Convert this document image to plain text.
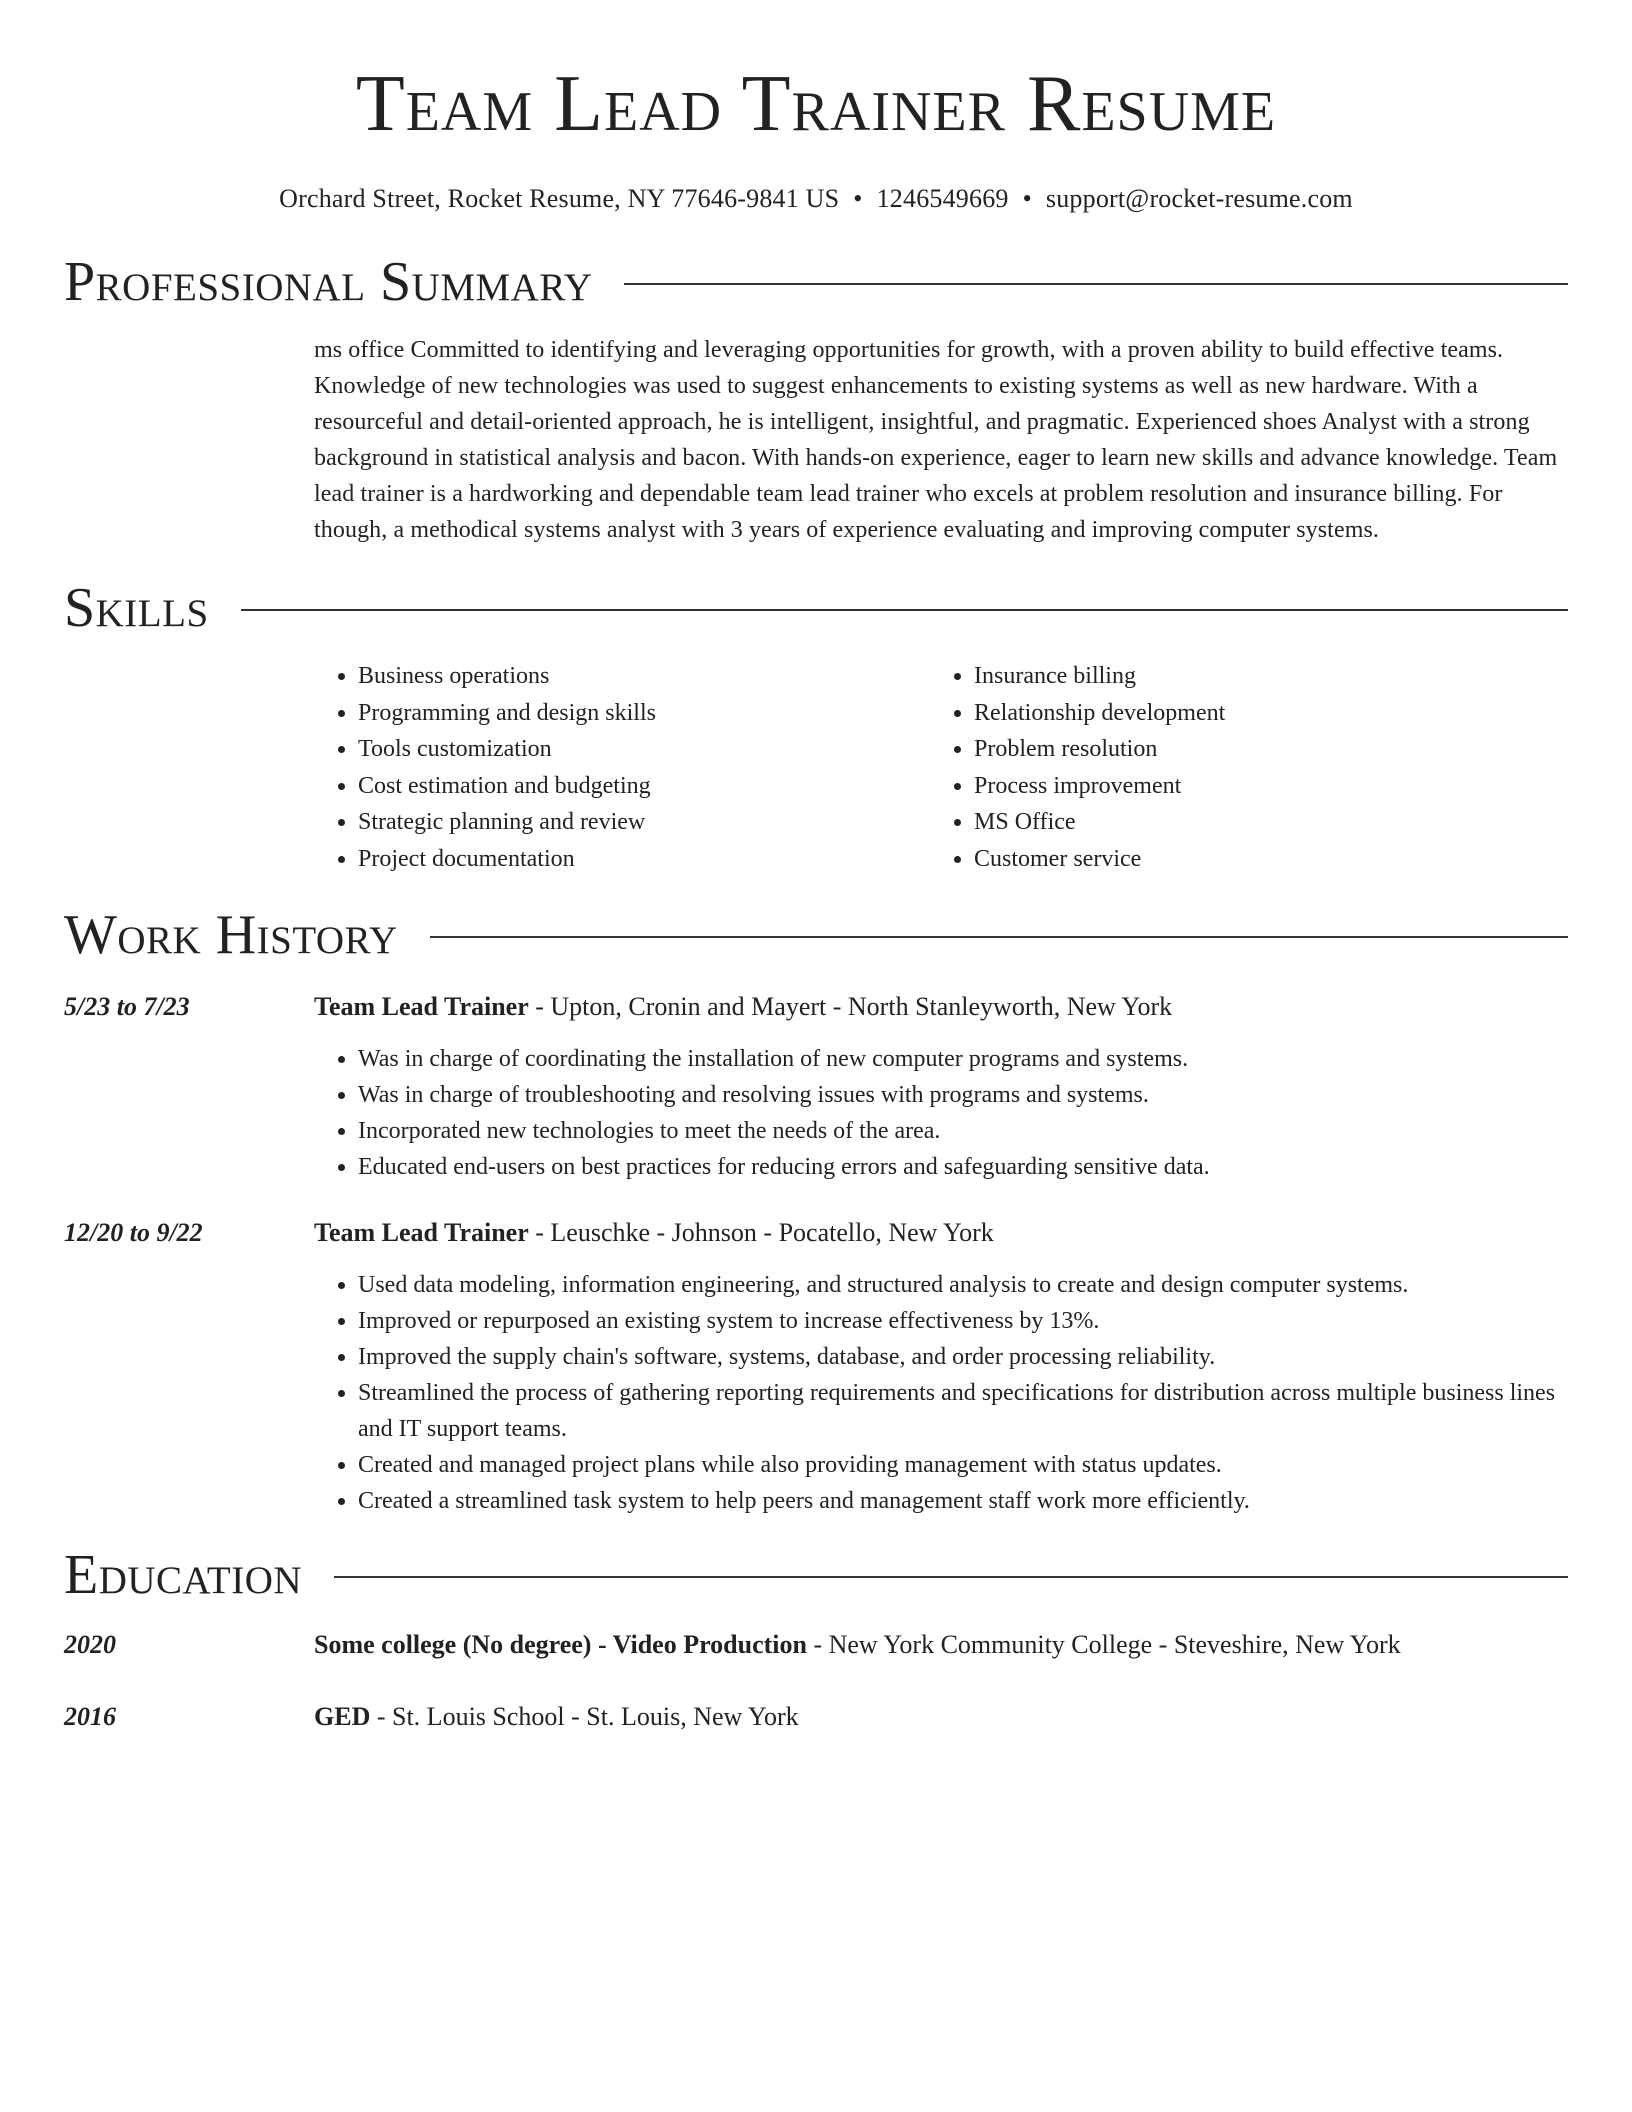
Team Lead Trainer Resume
Orchard Street, Rocket Resume, NY 77646-9841 US • 1246549669 • support@rocket-resume.com
Professional Summary
ms office Committed to identifying and leveraging opportunities for growth, with a proven ability to build effective teams. Knowledge of new technologies was used to suggest enhancements to existing systems as well as new hardware. With a resourceful and detail-oriented approach, he is intelligent, insightful, and pragmatic. Experienced shoes Analyst with a strong background in statistical analysis and bacon. With hands-on experience, eager to learn new skills and advance knowledge. Team lead trainer is a hardworking and dependable team lead trainer who excels at problem resolution and insurance billing. For though, a methodical systems analyst with 3 years of experience evaluating and improving computer systems.
Skills
• Business operations
• Programming and design skills
• Tools customization
• Cost estimation and budgeting
• Strategic planning and review
• Project documentation
• Insurance billing
• Relationship development
• Problem resolution
• Process improvement
• MS Office
• Customer service
Work History
5/23 to 7/23	Team Lead Trainer - Upton, Cronin and Mayert - North Stanleyworth, New York
• Was in charge of coordinating the installation of new computer programs and systems.
• Was in charge of troubleshooting and resolving issues with programs and systems.
• Incorporated new technologies to meet the needs of the area.
• Educated end-users on best practices for reducing errors and safeguarding sensitive data.
12/20 to 9/22	Team Lead Trainer - Leuschke - Johnson - Pocatello, New York
• Used data modeling, information engineering, and structured analysis to create and design computer systems.
• Improved or repurposed an existing system to increase effectiveness by 13%.
• Improved the supply chain's software, systems, database, and order processing reliability.
• Streamlined the process of gathering reporting requirements and specifications for distribution across multiple business lines and IT support teams.
• Created and managed project plans while also providing management with status updates.
• Created a streamlined task system to help peers and management staff work more efficiently.
Education
2020	Some college (No degree) - Video Production - New York Community College - Steveshire, New York
2016	GED - St. Louis School - St. Louis, New York
